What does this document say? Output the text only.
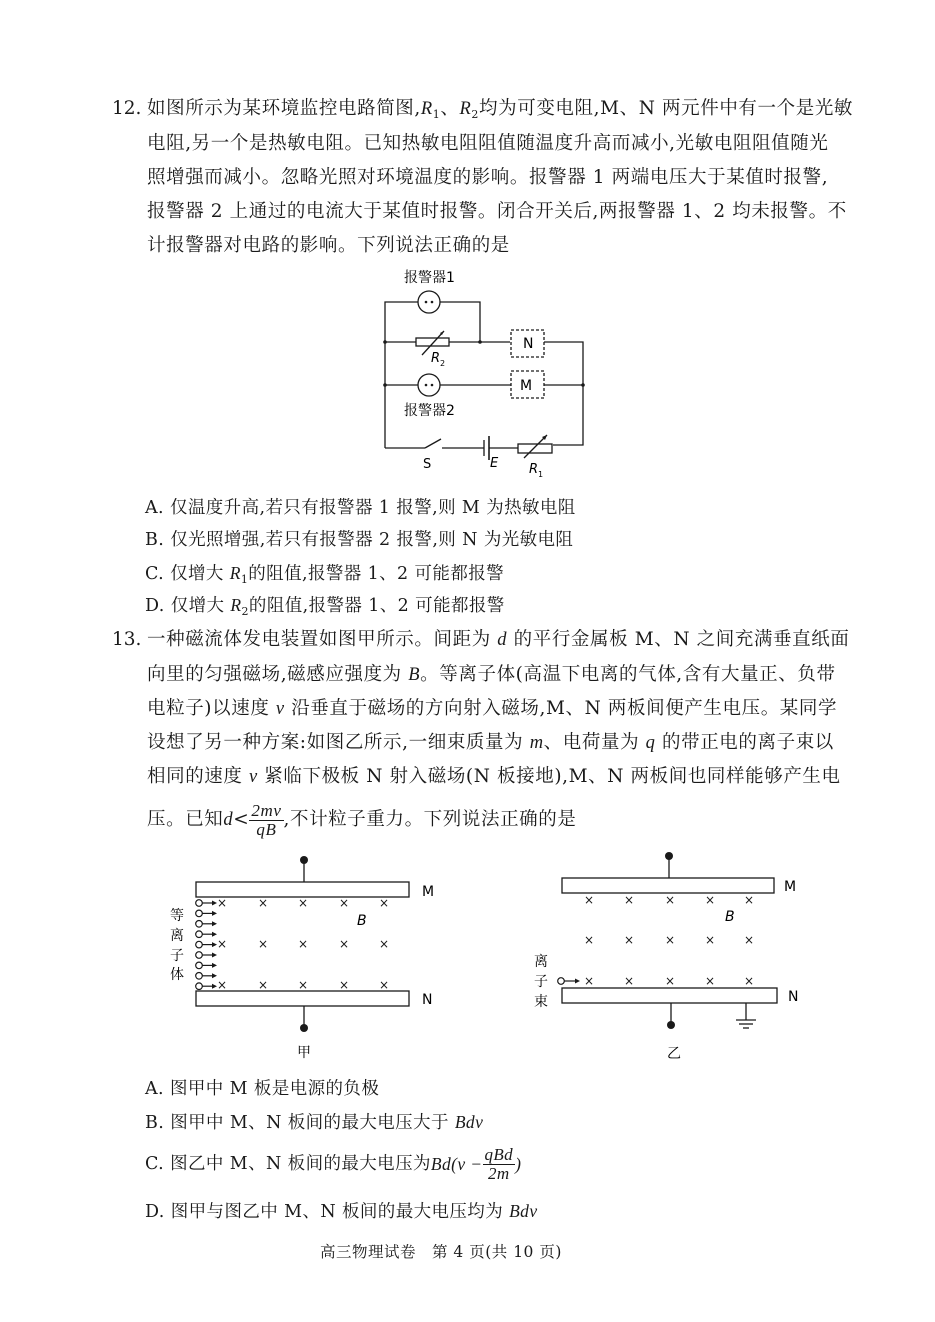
12. 如图所示为某环境监控电路简图$,R_1$、$R_2$均为可变电阻,M、N 两元件中有一个是光敏
电阻,另一个是热敏电阻。已知热敏电阻阻值随温度升高而减小,光敏电阻阻值随光
照增强而减小。忽略光照对环境温度的影响。报警器 1 两端电压大于某值时报警,
报警器 2 上通过的电流大于某值时报警。闭合开关后,两报警器 1、2 均未报警。不
计报警器对电路的影响。下列说法正确的是
报警器1
报警器2
N
M
R 2
S	E R 1
A. 仅温度升高,若只有报警器 1 报警,则 M 为热敏电阻
B. 仅光照增强,若只有报警器 2 报警,则 N 为光敏电阻
C. 仅增大 $R_1$的阻值,报警器 1、2 可能都报警
D. 仅增大 $R_2$的阻值,报警器 1、2 可能都报警
13. 一种磁流体发电装置如图甲所示。间距为 d 的平行金属板 M、N 之间充满垂直纸面
向里的匀强磁场,磁感应强度为 B。等离子体(高温下电离的气体,含有大量正、负带
电粒子)以速度 v 沿垂直于磁场的方向射入磁场,M、N 两板间便产生电压。某同学
设想了另一种方案:如图乙所示,一细束质量为 m、电荷量为 q 的带正电的离子束以
相同的速度 v 紧临下极板 N 射入磁场(N 板接地),M、N 两板间也同样能够产生电
压。已知 $d < \frac{2mv}{qB}$ ,不计粒子重力。下列说法正确的是
×	× ×	× ×
×	× ×	× ×
×	× ×	× ×
M
N
B
等
离
子
体
甲
× ×	× × ×
× ×	× × ×
× ×	× × ×
M
N
B
离
子
束
乙
A. 图甲中 M 板是电源的负极
B. 图甲中 M、N 板间的最大电压大于 Bdv
C.
图乙中 M、N 板间的最大电压为 $Bd(v - \frac{\text{qBd}}{2m}$ )
D. 图甲与图乙中 M、N 板间的最大电压均为 Bdv
高三物理试卷　第 4 页(共 10 页)
